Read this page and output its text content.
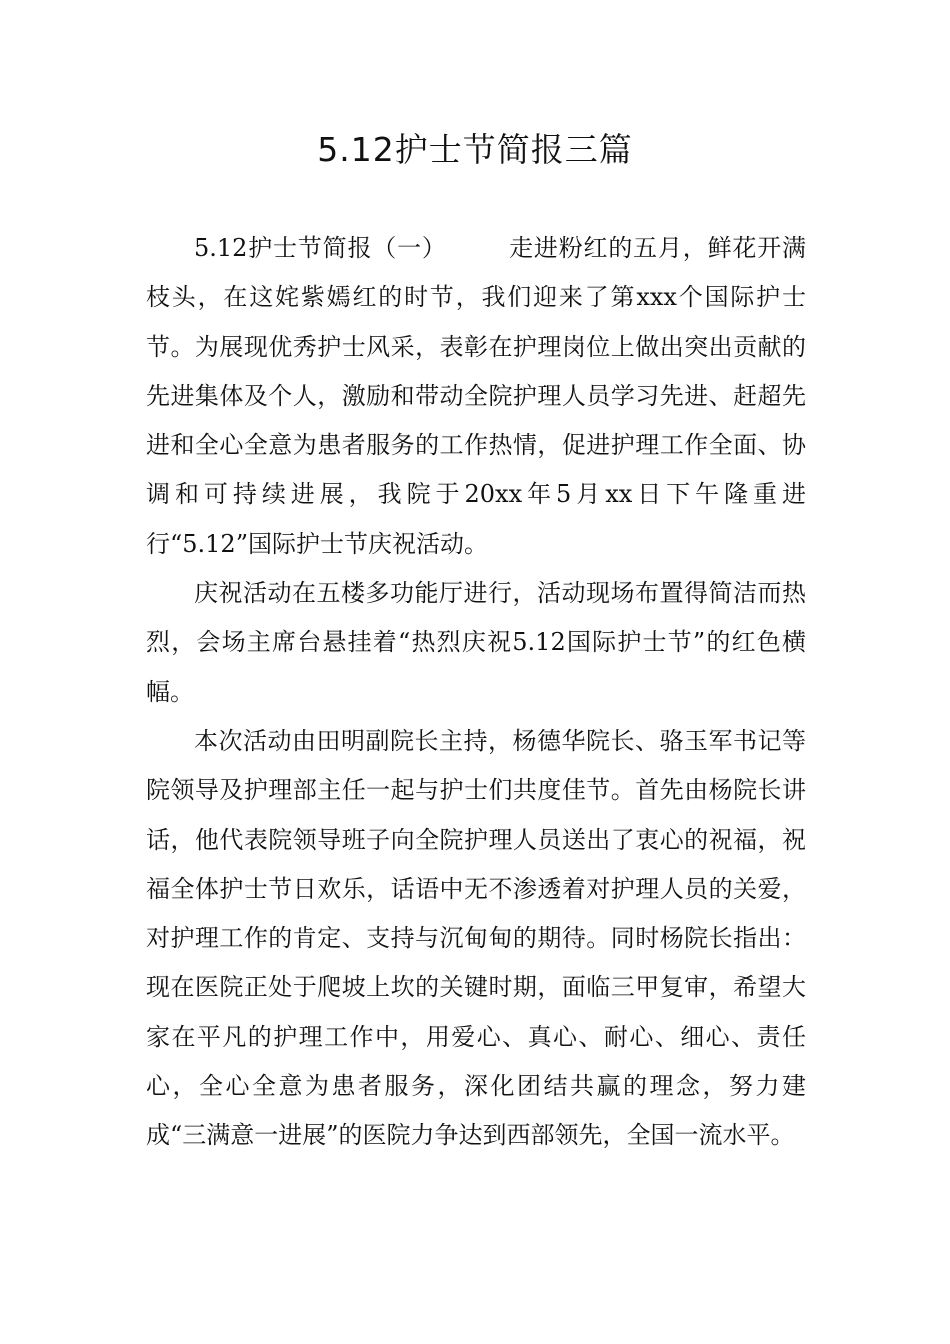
5.12护士节简报三篇

5.12护士节简报（一）	走进粉红的五月，鲜花开满枝头，在这姹紫嫣红的时节，我们迎来了第xxx个国际护士节。为展现优秀护士风采，表彰在护理岗位上做出突出贡献的先进集体及个人，激励和带动全院护理人员学习先进、赶超先进和全心全意为患者服务的工作热情，促进护理工作全面、协调和可持续进展，我院于20xx年5月xx日下午隆重进行“5.12”国际护士节庆祝活动。

庆祝活动在五楼多功能厅进行，活动现场布置得简洁而热烈，会场主席台悬挂着“热烈庆祝5.12国际护士节”的红色横幅。

本次活动由田明副院长主持，杨德华院长、骆玉军书记等院领导及护理部主任一起与护士们共度佳节。首先由杨院长讲话，他代表院领导班子向全院护理人员送出了衷心的祝福，祝福全体护士节日欢乐，话语中无不渗透着对护理人员的关爱，对护理工作的肯定、支持与沉甸甸的期待。同时杨院长指出：现在医院正处于爬坡上坎的关键时期，面临三甲复审，希望大家在平凡的护理工作中，用爱心、真心、耐心、细心、责任心，全心全意为患者服务，深化团结共赢的理念，努力建成“三满意一进展”的医院力争达到西部领先，全国一流水平。
